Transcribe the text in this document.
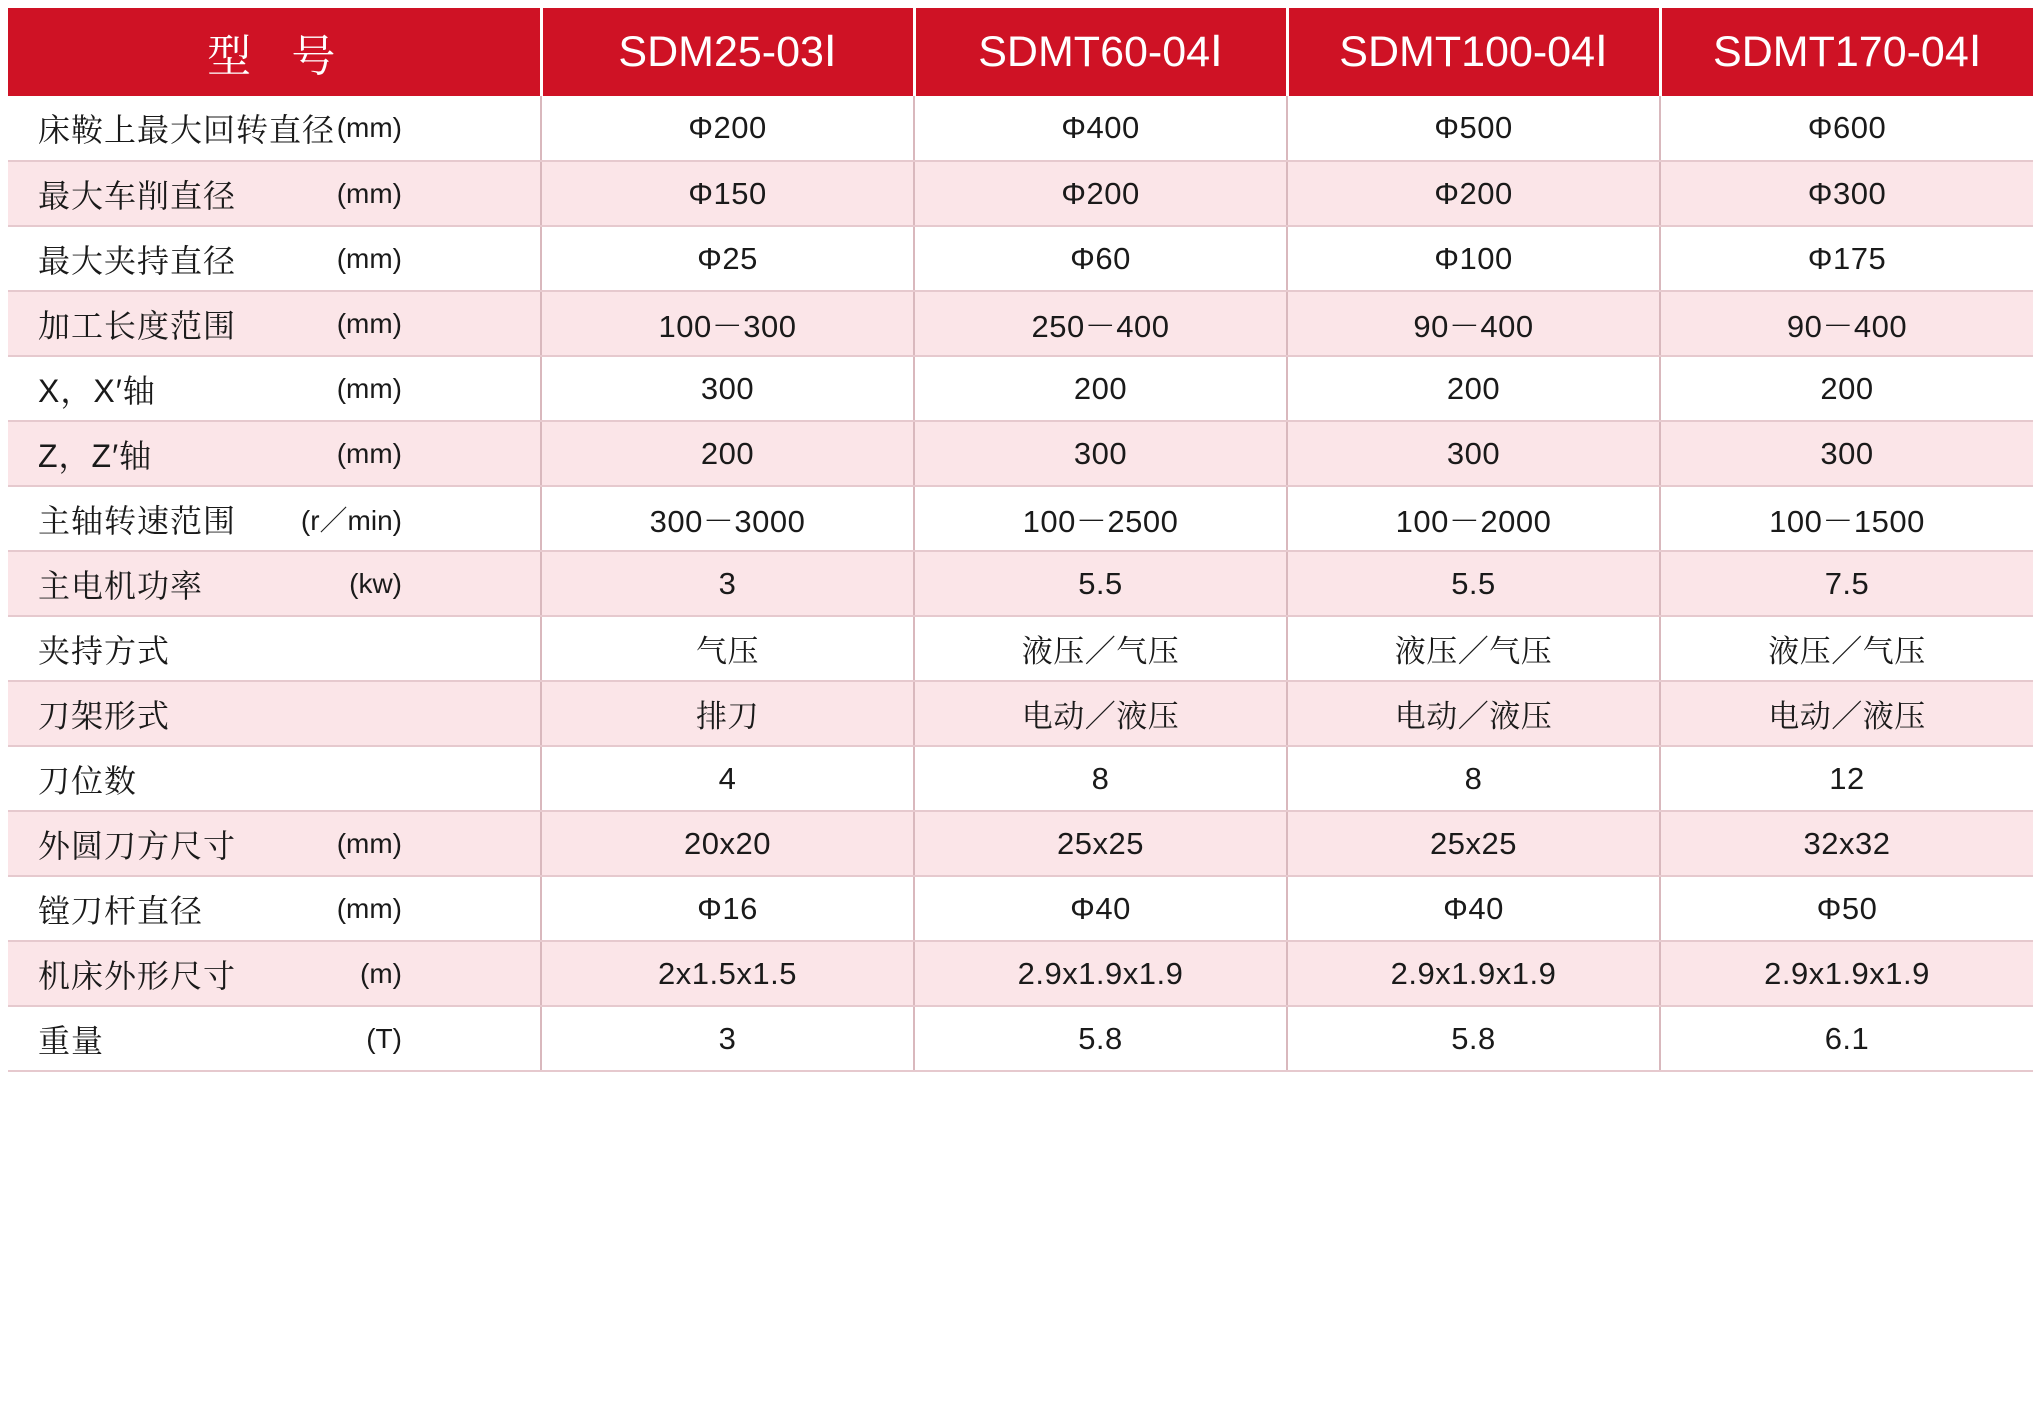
型 号	SDM25-03Ⅰ	SDMT60-04Ⅰ	SDMT100-04Ⅰ	SDMT170-04Ⅰ

床鞍上最大回转直径 (mm)	Φ200	Φ400	Φ500	Φ600

最大车削直径 (mm)	Φ150	Φ200	Φ200	Φ300

最大夹持直径 (mm)	Φ25	Φ60	Φ100	Φ175

加工长度范围 (mm)	100－300	250－400	90－400	90－400

X，X′轴 (mm)	300	200	200	200

Z，Z′轴 (mm)	200	300	300	300

主轴转速范围 (r／min)	300－3000	100－2500	100－2000	100－1500

主电机功率 (kw)	3	5.5	5.5	7.5

夹持方式	气压	液压／气压	液压／气压	液压／气压

刀架形式	排刀	电动／液压	电动／液压	电动／液压

刀位数	4	8	8	12

外圆刀方尺寸 (mm)	20x20	25x25	25x25	32x32

镗刀杆直径 (mm)	Φ16	Φ40	Φ40	Φ50

机床外形尺寸 (m)	2x1.5x1.5	2.9x1.9x1.9	2.9x1.9x1.9	2.9x1.9x1.9

重量 (T)	3	5.8	5.8	6.1
